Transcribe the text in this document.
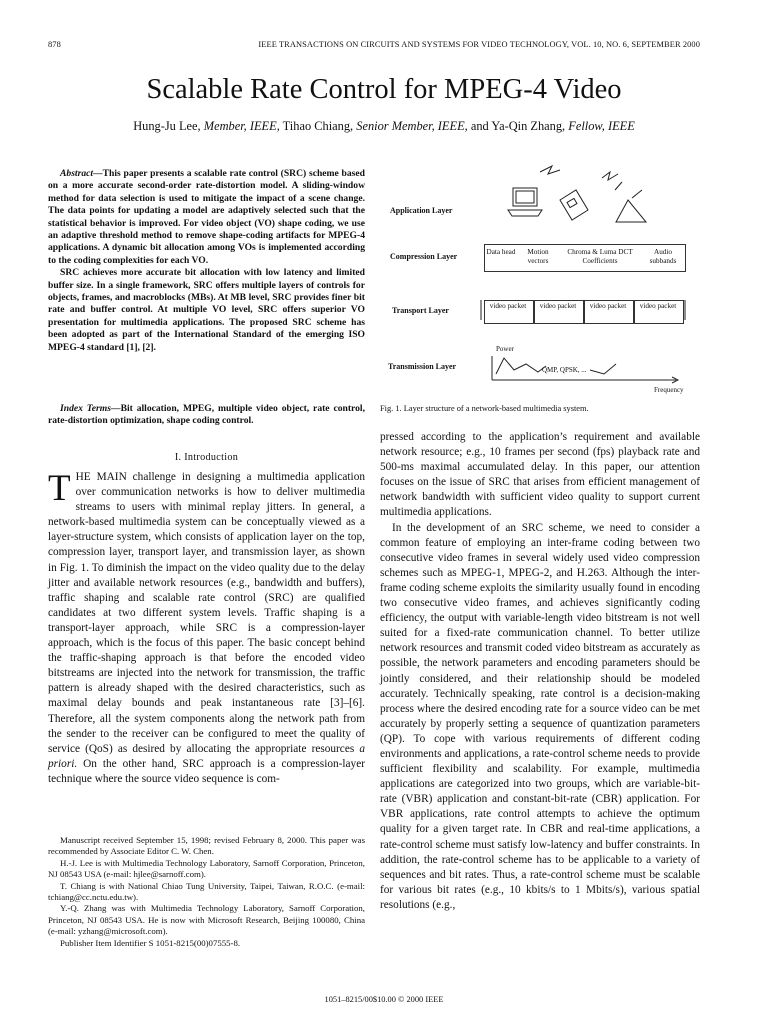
878	IEEE TRANSACTIONS ON CIRCUITS AND SYSTEMS FOR VIDEO TECHNOLOGY, VOL. 10, NO. 6, SEPTEMBER 2000
Scalable Rate Control for MPEG-4 Video
Hung-Ju Lee, Member, IEEE, Tihao Chiang, Senior Member, IEEE, and Ya-Qin Zhang, Fellow, IEEE

Abstract—This paper presents a scalable rate control (SRC) scheme based on a more accurate second-order rate-distortion model. A sliding-window method for data selection is used to mitigate the impact of a scene change. The data points for updating a model are adaptively selected such that the statistical behavior is improved. For video object (VO) shape coding, we use an adaptive threshold method to remove shape-coding artifacts for MPEG-4 applications. A dynamic bit allocation among VOs is implemented according to the coding complexities for each VO.

SRC achieves more accurate bit allocation with low latency and limited buffer size. In a single framework, SRC offers multiple layers of controls for objects, frames, and macroblocks (MBs). At MB level, SRC provides finer bit rate and buffer control. At multiple VO level, SRC offers superior VO presentation for multimedia applications. The proposed SRC scheme has been adopted as part of the International Standard of the emerging ISO MPEG-4 standard [1], [2].

Index Terms—Bit allocation, MPEG, multiple video object, rate control, rate-distortion optimization, shape coding control.
I. Introduction

THE MAIN challenge in designing a multimedia application over communication networks is how to deliver multimedia streams to users with minimal replay jitters. In general, a network-based multimedia system can be conceptually viewed as a layer-structure system, which consists of application layer on the top, compression layer, transport layer, and transmission layer, as shown in Fig. 1. To diminish the impact on the video quality due to the delay jitter and available network resources (e.g., bandwidth and buffers), traffic shaping and scalable rate control (SRC) are qualified candidates at two different system levels. Traffic shaping is a transport-layer approach, while SRC is a compression-layer approach, which is the focus of this paper. The basic concept behind the traffic-shaping approach is that before the encoded video bitstreams are injected into the network for transmission, the traffic pattern is already shaped with the desired characteristics, such as maximal delay bounds and peak instantaneous rate [3]–[6]. Therefore, all the system components along the network path from the sender to the receiver can be configured to meet the quality of service (QoS) as desired by allocating the appropriate resources a priori. On the other hand, SRC approach is a compression-layer technique where the source video sequence is com-

Manuscript received September 15, 1998; revised February 8, 2000. This paper was recommended by Associate Editor C. W. Chen.

H.-J. Lee is with Multimedia Technology Laboratory, Sarnoff Corporation, Princeton, NJ 08543 USA (e-mail: hjlee@sarnoff.com).

T. Chiang is with National Chiao Tung University, Taipei, Taiwan, R.O.C. (e-mail: tchiang@cc.nctu.edu.tw).

Y.-Q. Zhang was with Multimedia Technology Laboratory, Sarnoff Corporation, Princeton, NJ 08543 USA. He is now with Microsoft Research, Beijing 100080, China (e-mail: yzhang@microsoft.com).

Publisher Item Identifier S 1051-8215(00)07555-8.

Application Layer
Compression Layer
Transport Layer
Transmission Layer
Data head	Motion vectors
Chroma & Luma DCT Coefficients
Audio subbands
video packet video packet video packet video packet
Power
QMP, QPSK, ...
Frequency
Fig. 1. Layer structure of a network-based multimedia system.

pressed according to the application’s requirement and available network resource; e.g., 10 frames per second (fps) playback rate and 500-ms maximal accumulated delay. In this paper, our attention focuses on the issue of SRC that arises from efficient management of network bandwidth with sufficient video quality to support current multimedia applications.

In the development of an SRC scheme, we need to consider a common feature of employing an inter-frame coding between two consecutive video frames in several widely used video compression schemes such as MPEG-1, MPEG-2, and H.263. Although the inter-frame coding scheme exploits the similarity usually found in encoding two consecutive video frames, and achieves significantly coding efficiency, the output with variable-length video bitstream is not well suited for a fixed-rate communication channel. To better utilize network resources and transmit coded video bitstream as accurately as possible, the network parameters and encoding parameters should be jointly considered, and their relationship should be modeled accurately. Technically speaking, rate control is a decision-making process where the desired encoding rate for a source video can be met accurately by properly setting a sequence of quantization parameters (QP). To cope with various requirements of different coding environments and applications, a rate-control scheme needs to provide sufficient flexibility and scalability. For example, multimedia applications are categorized into two groups, which are variable-bit-rate (VBR) application and constant-bit-rate (CBR) application. For VBR applications, rate control attempts to achieve the optimum quality for a given target rate. In CBR and real-time applications, a rate-control scheme must satisfy low-latency and buffer constraints. In addition, the rate-control scheme has to be applicable to a variety of sequences and bit rates. Thus, a rate-control scheme must be scalable for various bit rates (e.g., 10 kbits/s to 1 Mbits/s), various spatial resolutions (e.g.,

1051–8215/00$10.00 © 2000 IEEE
